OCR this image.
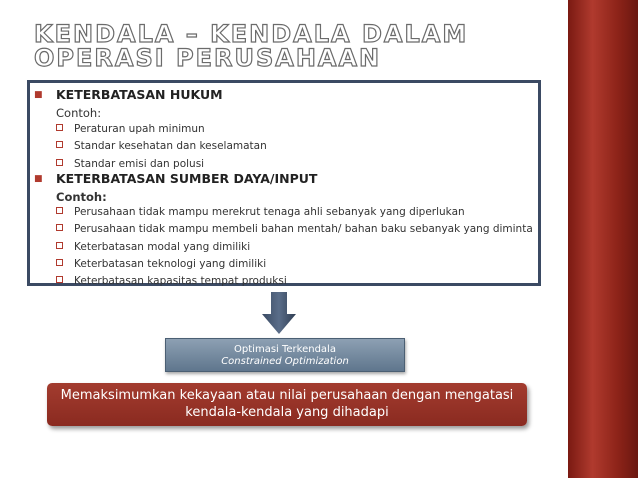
KENDALA – KENDALA DALAM
OPERASI PERUSAHAAN
■ KETERBATASAN HUKUM
Contoh:
Peraturan upah minimun
Standar kesehatan dan keselamatan
Standar emisi dan polusi
■ KETERBATASAN SUMBER DAYA/INPUT
Contoh:
Perusahaan tidak mampu merekrut tenaga ahli sebanyak yang diperlukan
Perusahaan tidak mampu membeli bahan mentah/ bahan baku sebanyak yang diminta
Keterbatasan modal yang dimiliki
Keterbatasan teknologi yang dimiliki
Keterbatasan kapasitas tempat produksi
Optimasi Terkendala
Constrained Optimization
Memaksimumkan kekayaan atau nilai perusahaan dengan mengatasi
kendala-kendala yang dihadapi
